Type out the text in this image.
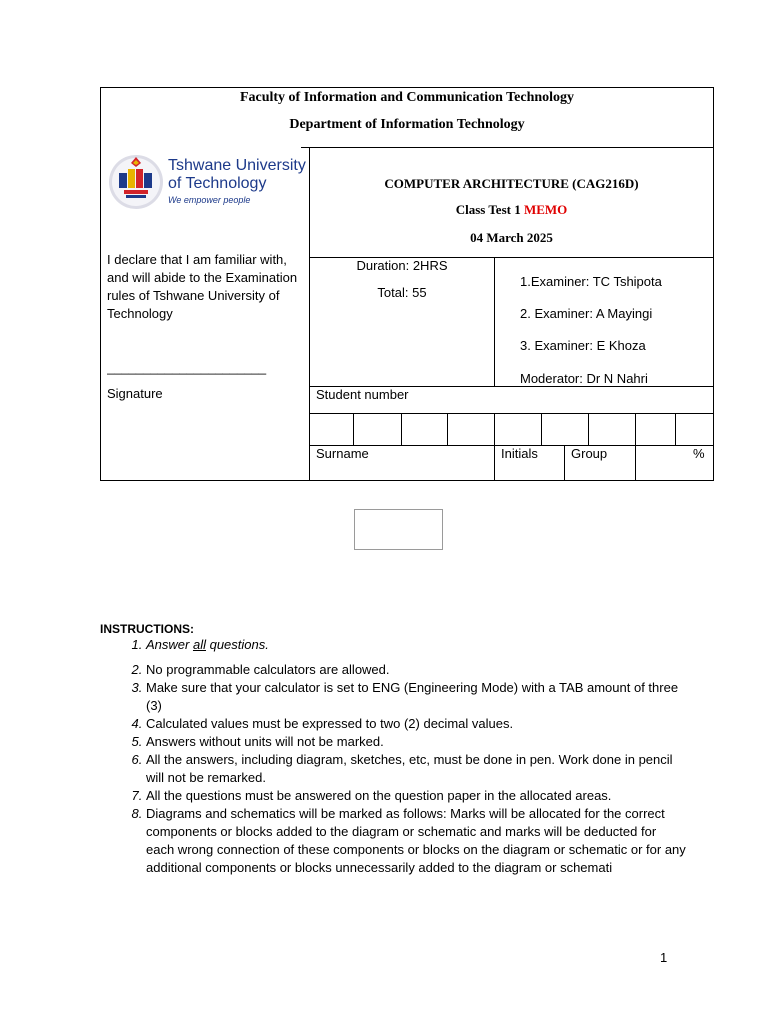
Faculty of Information and Communication Technology
Department of Information Technology
Tshwane University
of Technology
We empower people
COMPUTER ARCHITECTURE (CAG216D)
Class Test 1 MEMO
04 March 2025
I declare that I am familiar with, and will abide to the Examination rules of Tshwane University of Technology
______________________
Signature
Duration: 2HRS
Total: 55
1.Examiner: TC Tshipota
2. Examiner: A Mayingi
3. Examiner: E Khoza
Moderator: Dr N Nahri
Student number
Surname	Initials	Group	%
INSTRUCTIONS:
1. Answer all questions.
2. No programmable calculators are allowed.
3. Make sure that your calculator is set to ENG (Engineering Mode) with a TAB amount of three (3)
4. Calculated values must be expressed to two (2) decimal values.
5. Answers without units will not be marked.
6. All the answers, including diagram, sketches, etc, must be done in pen. Work done in pencil will not be remarked.
7. All the questions must be answered on the question paper in the allocated areas.
8. Diagrams and schematics will be marked as follows: Marks will be allocated for the correct components or blocks added to the diagram or schematic and marks will be deducted for each wrong connection of these components or blocks on the diagram or schematic or for any additional components or blocks unnecessarily added to the diagram or schemati
1
